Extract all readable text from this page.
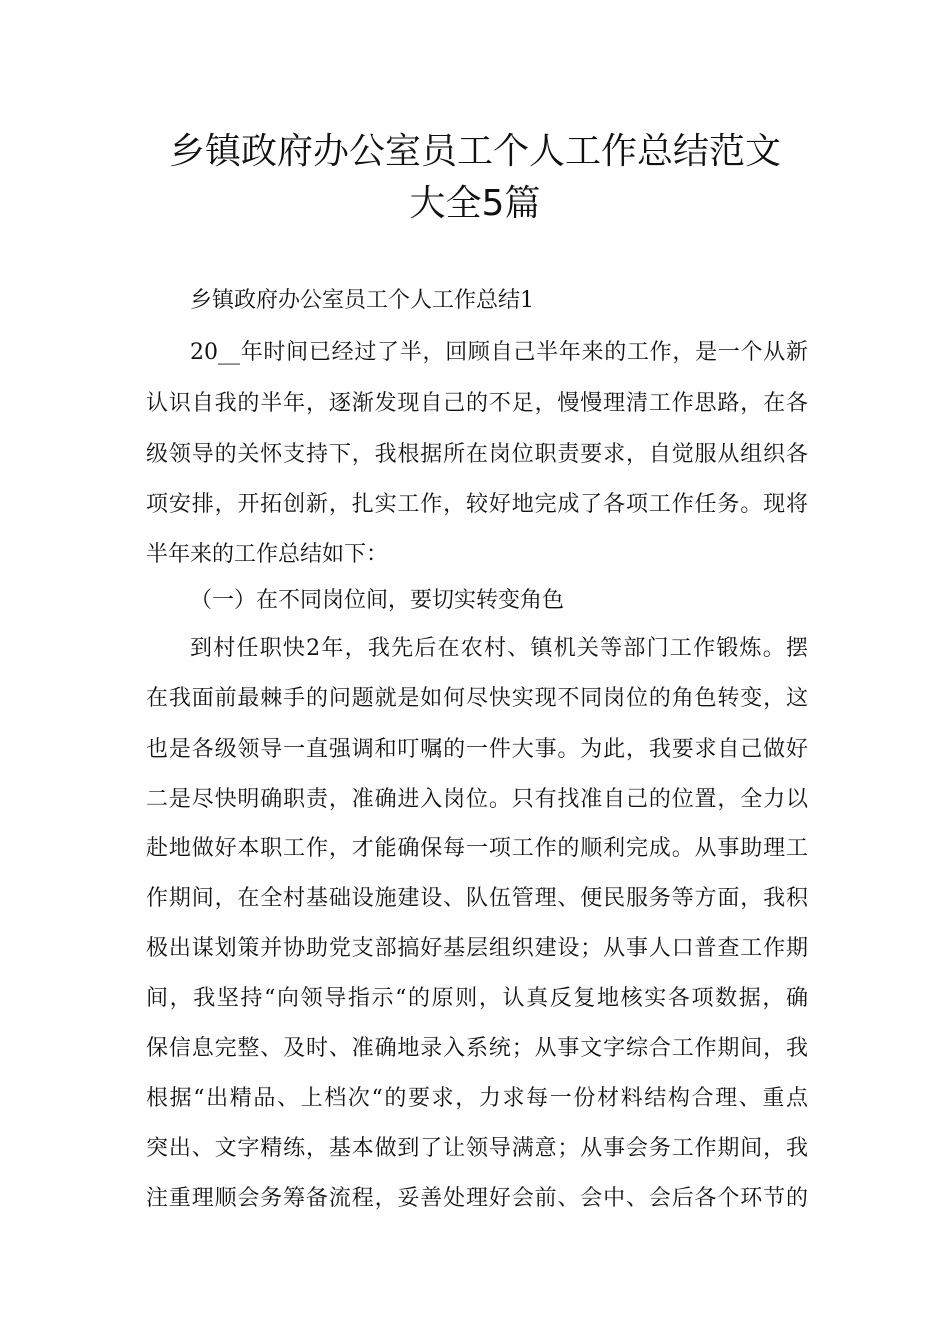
乡镇政府办公室员工个人工作总结范文
大全5篇
乡镇政府办公室员工个人工作总结1
20__年时间已经过了半，回顾自己半年来的工作，是一个从新
认识自我的半年，逐渐发现自己的不足，慢慢理清工作思路，在各
级领导的关怀支持下，我根据所在岗位职责要求，自觉服从组织各
项安排，开拓创新，扎实工作，较好地完成了各项工作任务。现将
半年来的工作总结如下：
（一）在不同岗位间，要切实转变角色
到村任职快2年，我先后在农村、镇机关等部门工作锻炼。摆
在我面前最棘手的问题就是如何尽快实现不同岗位的角色转变，这
也是各级领导一直强调和叮嘱的一件大事。为此，我要求自己做好
二是尽快明确职责，准确进入岗位。只有找准自己的位置，全力以
赴地做好本职工作，才能确保每一项工作的顺利完成。从事助理工
作期间，在全村基础设施建设、队伍管理、便民服务等方面，我积
极出谋划策并协助党支部搞好基层组织建设；从事人口普查工作期
间，我坚持“向领导指示“的原则，认真反复地核实各项数据，确
保信息完整、及时、准确地录入系统；从事文字综合工作期间，我
根据“出精品、上档次“的要求，力求每一份材料结构合理、重点
突出、文字精练，基本做到了让领导满意；从事会务工作期间，我
注重理顺会务筹备流程，妥善处理好会前、会中、会后各个环节的
